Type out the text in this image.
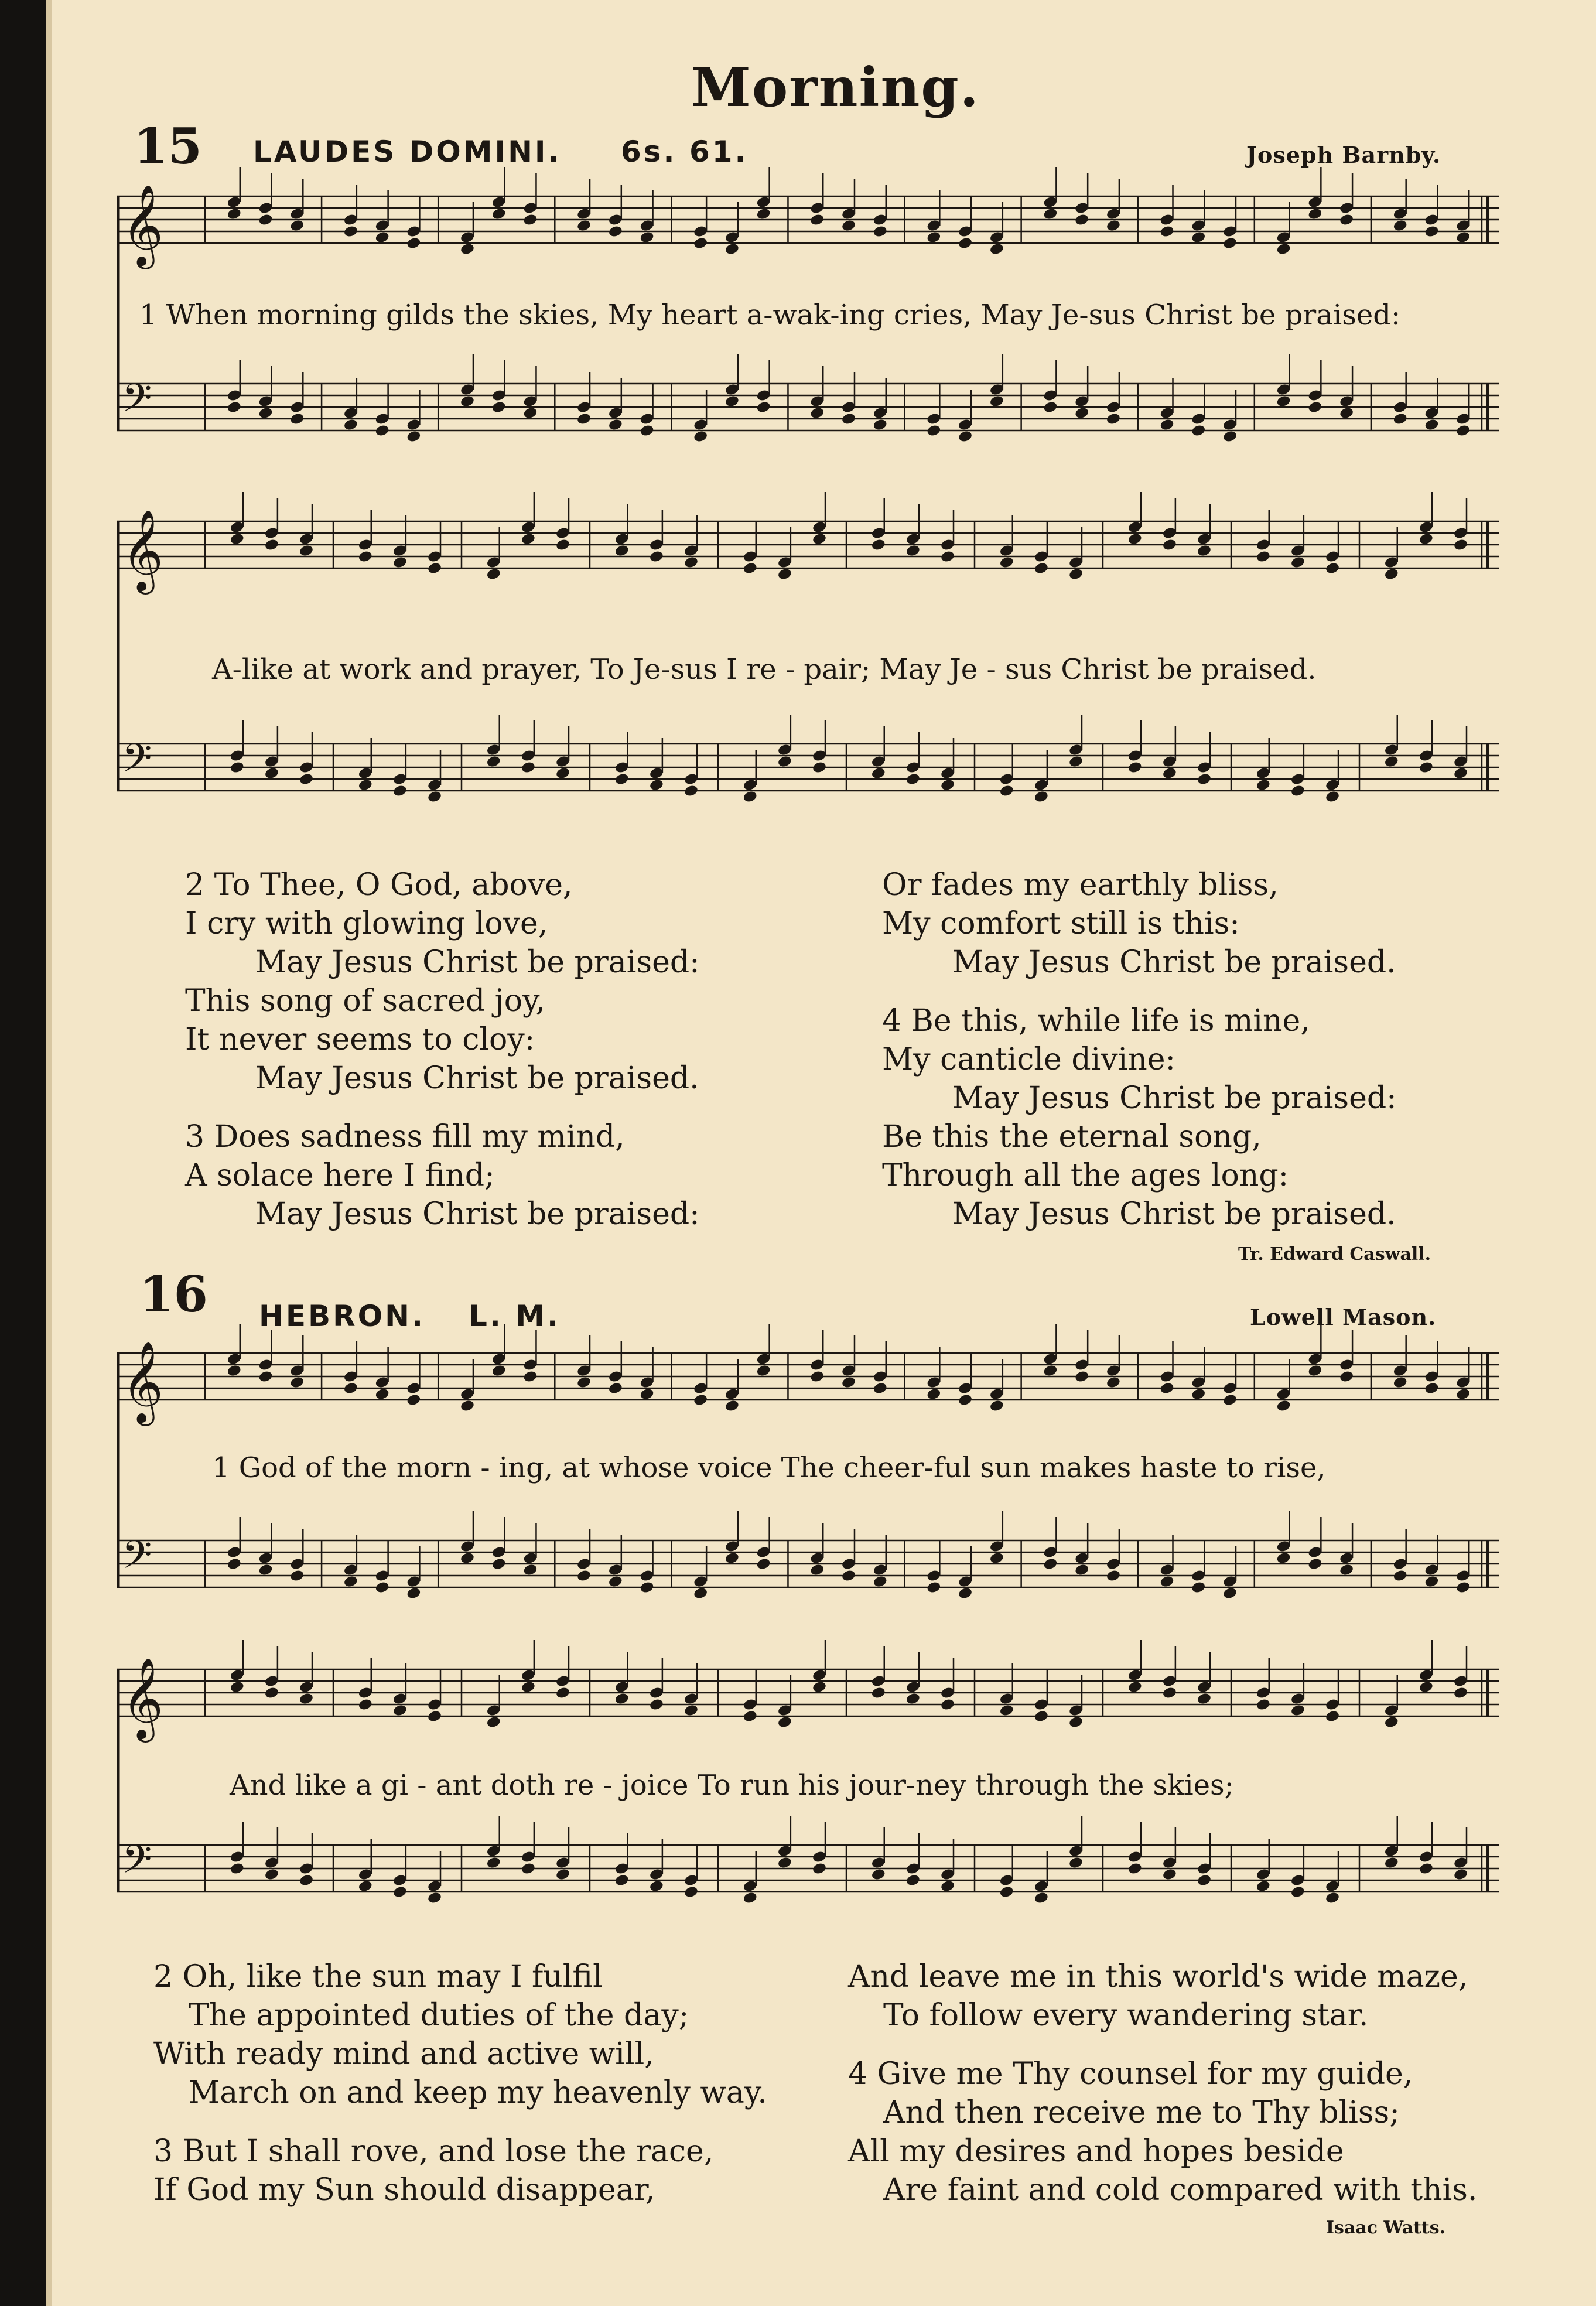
Morning.
15 LAUDES DOMINI. 6s. 61.	Joseph Barnby.
𝄞
𝄢
1 When morning gilds the skies, My heart a-wak-ing cries, May Je-sus Christ be praised:
𝄞
𝄢
A-like at work and prayer, To Je-sus I re - pair; May Je - sus Christ be praised.
2 To Thee, O God, above,
I cry with glowing love,
May Jesus Christ be praised:
This song of sacred joy,
It never seems to cloy:
May Jesus Christ be praised.
3 Does sadness fill my mind,
A solace here I find;
May Jesus Christ be praised:
Or fades my earthly bliss,
My comfort still is this:
May Jesus Christ be praised.
4 Be this, while life is mine,
My canticle divine:
May Jesus Christ be praised:
Be this the eternal song,
Through all the ages long:
May Jesus Christ be praised.
Tr. Edward Caswall.
16 HEBRON. L. M.	Lowell Mason.
𝄞
𝄢
1 God of the morn - ing, at whose voice The cheer-ful sun makes haste to rise,
𝄞
𝄢
And like a gi - ant doth re - joice To run his jour-ney through the skies;
2 Oh, like the sun may I fulfil
The appointed duties of the day;
With ready mind and active will,
March on and keep my heavenly way.
3 But I shall rove, and lose the race,
If God my Sun should disappear,
And leave me in this world's wide maze,
To follow every wandering star.
4 Give me Thy counsel for my guide,
And then receive me to Thy bliss;
All my desires and hopes beside
Are faint and cold compared with this.
Isaac Watts.
